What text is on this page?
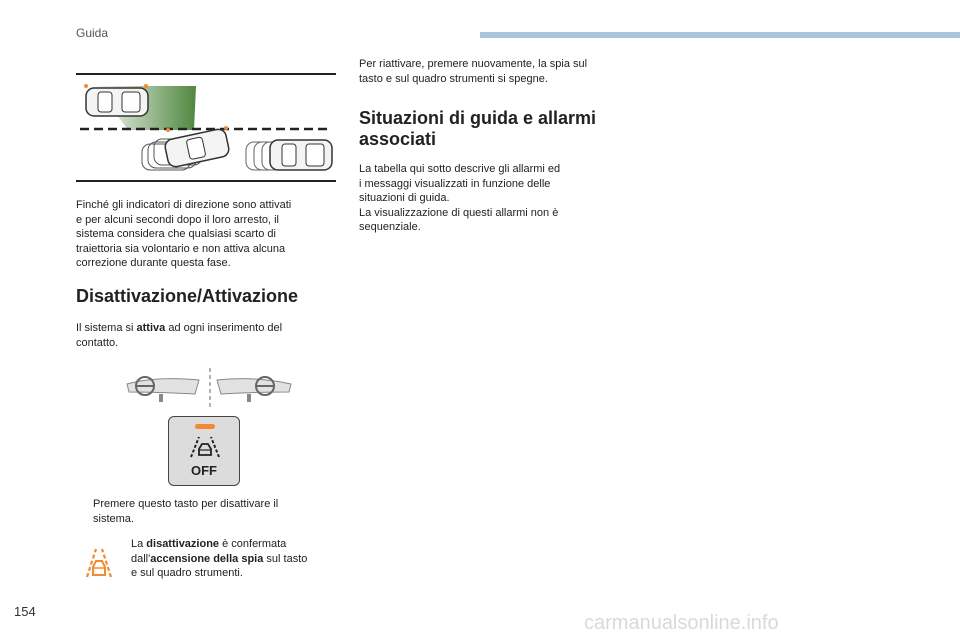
Guida

Finché gli indicatori di direzione sono attivati
e per alcuni secondi dopo il loro arresto, il
sistema considera che qualsiasi scarto di
traiettoria sia volontario e non attiva alcuna
correzione durante questa fase.

Disattivazione/Attivazione

Il sistema si attiva ad ogni inserimento del
contatto.

OFF

Premere questo tasto per disattivare il
sistema.

La disattivazione è confermata
dall'accensione della spia sul tasto
e sul quadro strumenti.

Per riattivare, premere nuovamente, la spia sul
tasto e sul quadro strumenti si spegne.

Situazioni di guida e allarmi
associati

La tabella qui sotto descrive gli allarmi ed
i messaggi visualizzati in funzione delle
situazioni di guida.
La visualizzazione di questi allarmi non è
sequenziale.

154
carmanualsonline.info
